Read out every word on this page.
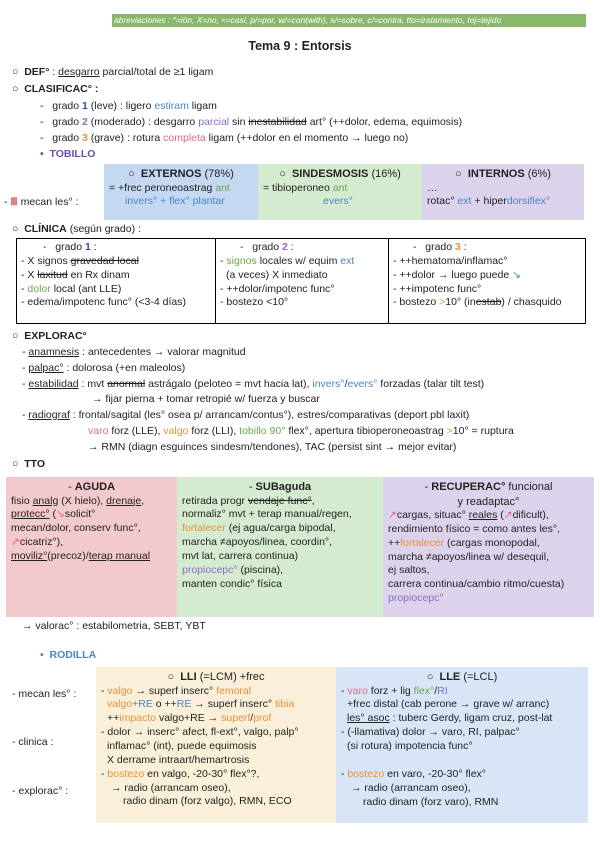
abreviaciones : °=ión, X=no, ≈=casi, p/=por, w/=con(with), s/=sobre, c/=contra, tto=tratamiento, tej=tejido
Tema 9 : Entorsis
○  DEF° : desgarro parcial/total de ≥1 ligam
○  CLASIFICAC° :
-   grado 1 (leve) : ligero estiram ligam
-   grado 2 (moderado) : desgarro parcial sin inestabilidad art° (++dolor, edema, equimosis)
-   grado 3 (grave) : rotura completa ligam (++dolor en el momento → luego no)
•  TOBILLO
- Ⅲ mecan les° :
○  EXTERNOS (78%)
= +frec peroneoastrag ant
invers° + flex° plantar
○  SINDESMOSIS (16%)
= tibioperoneo ant
evers°
○  INTERNOS (6%)
…
rotac° ext + hiperdorsiflex°
○  CLÍNICA (según grado) :
-   grado 1 :
- X signos gravedad local
- X laxitud en Rx dinam
- dolor local (ant LLE)
- edema/impotenc func° (<3-4 días)
-   grado 2 :
- signos locales w/ equim ext
(a veces) X inmediato
- ++dolor/impotenc func°
- bostezo <10°
-   grado 3 :
- ++hematoma/inflamac°
- ++dolor → luego puede ↘
- ++impotenc func°
- bostezo >10° (inestab) / chasquido
○  EXPLORAC°
- anamnesis : antecedentes → valorar magnitud
- palpac° : dolorosa (+en maleolos)
- estabilidad : mvt anormal astrágalo (peloteo = mvt hacia lat), invers°/evers° forzadas (talar tilt test)
→ fijar pierna + tomar retropié w/ fuerza y buscar
- radiograf : frontal/sagital (les° osea p/ arrancam/contus°), estres/comparativas (deport pbl laxit)
varo forz (LLE), valgo forz (LLI), tobillo 90° flex°, apertura tibioperoneoastrag >10° = ruptura
→ RMN (diagn esguinces sindesm/tendones), TAC (persist sint → mejor evitar)
○  TTO
- AGUDA
fisio analg (X hielo), drenaje,
protecc° (↘solicit°
mecan/dolor, conserv func°,
↗cicatriz°),
moviliz°(precoz)/terap manual
- SUBaguda
retirada progr vendaje func°,
normaliz° mvt + terap manual/regen,
fortalecer (ej agua/carga bipodal,
marcha ≠apoyos/linea, coordin°,
mvt lat, carrera continua)
propiocepc° (piscina),
manten condic° física
- RECUPERAC° funcional
y readaptac°
↗cargas, situac° reales (↗dificult),
rendimiento físico = como antes les°,
++fortalecer (cargas monopodal,
marcha ≠apoyos/linea w/ desequil,
ej saltos,
carrera continua/cambio ritmo/cuesta)
propiocepc°
→ valorac° : estabilometria, SEBT, YBT
•  RODILLA
- mecan les° :
- clinica :
- explorac° :
○  LLI (=LCM) +frec
- valgo → superf inserc° femoral
valgo+RE o ++RE → superf inserc° tibia
++impacto valgo+RE → superf/prof
- dolor → inserc° afect, fl-ext°, valgo, palp°
inflamac° (int), puede equimosis
X derrame intraart/hemartrosis
- bostezo en valgo, -20-30° flex°?,
→ radio (arrancam oseo),
radio dinam (forz valgo), RMN, ECO
○  LLE (=LCL)
- varo forz + lig flex°/RI
+frec distal (cab perone → grave w/ arranc)
les° asoc : tuberc Gerdy, ligam cruz, post-lat
- (-llamativa) dolor → varo, RI, palpac°
(si rotura) impotencia func°
- bostezo en varo, -20-30° flex°
→ radio (arrancam oseo),
radio dinam (forz varo), RMN
